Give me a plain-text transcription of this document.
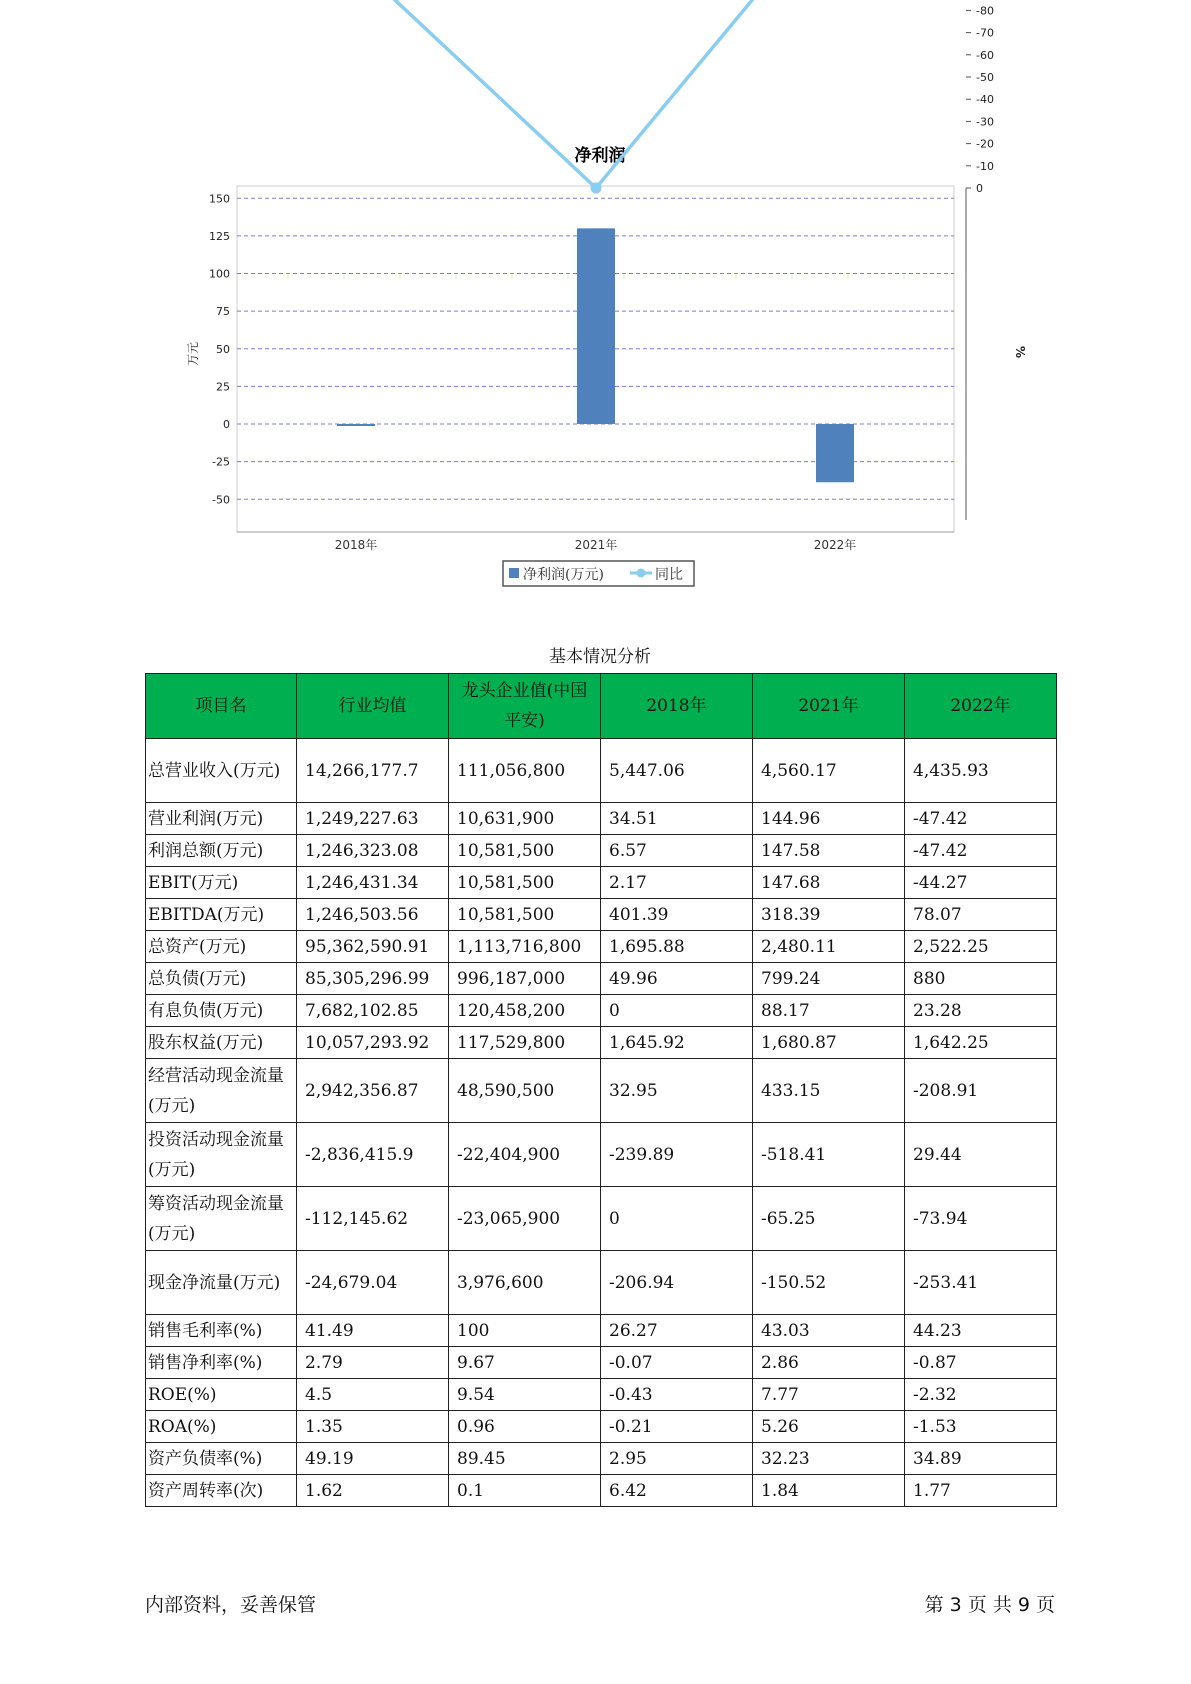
净利润
150
125
100
75
50
25
0
-25
-50
0
-10
-20
-30
-40
-50
-60
-70
-80
2018年	2021年	2022年
万元	%
净利润(万元)	同比
基本情况分析
项目名	行业均值	龙头企业值(中国平安)	2018年	2021年	2022年
总营业收入(万元)	14,266,177.7	111,056,800	5,447.06	4,560.17	4,435.93
营业利润(万元)	1,249,227.63	10,631,900	34.51	144.96	-47.42
利润总额(万元)	1,246,323.08	10,581,500	6.57	147.58	-47.42
EBIT(万元)	1,246,431.34	10,581,500	2.17	147.68	-44.27
EBITDA(万元)	1,246,503.56	10,581,500	401.39	318.39	78.07
总资产(万元)	95,362,590.91	1,113,716,800	1,695.88	2,480.11	2,522.25
总负债(万元)	85,305,296.99	996,187,000	49.96	799.24	880
有息负债(万元)	7,682,102.85	120,458,200	0	88.17	23.28
股东权益(万元)	10,057,293.92	117,529,800	1,645.92	1,680.87	1,642.25
经营活动现金流量(万元)	2,942,356.87	48,590,500	32.95	433.15	-208.91
投资活动现金流量(万元)	-2,836,415.9	-22,404,900	-239.89	-518.41	29.44
筹资活动现金流量(万元)	-112,145.62	-23,065,900	0	-65.25	-73.94
现金净流量(万元)	-24,679.04	3,976,600	-206.94	-150.52	-253.41
销售毛利率(%)	41.49	100	26.27	43.03	44.23
销售净利率(%)	2.79	9.67	-0.07	2.86	-0.87
ROE(%)	4.5	9.54	-0.43	7.77	-2.32
ROA(%)	1.35	0.96	-0.21	5.26	-1.53
资产负债率(%)	49.19	89.45	2.95	32.23	34.89
资产周转率(次)	1.62	0.1	6.42	1.84	1.77
内部资料，妥善保管	第 3 页 共 9 页
